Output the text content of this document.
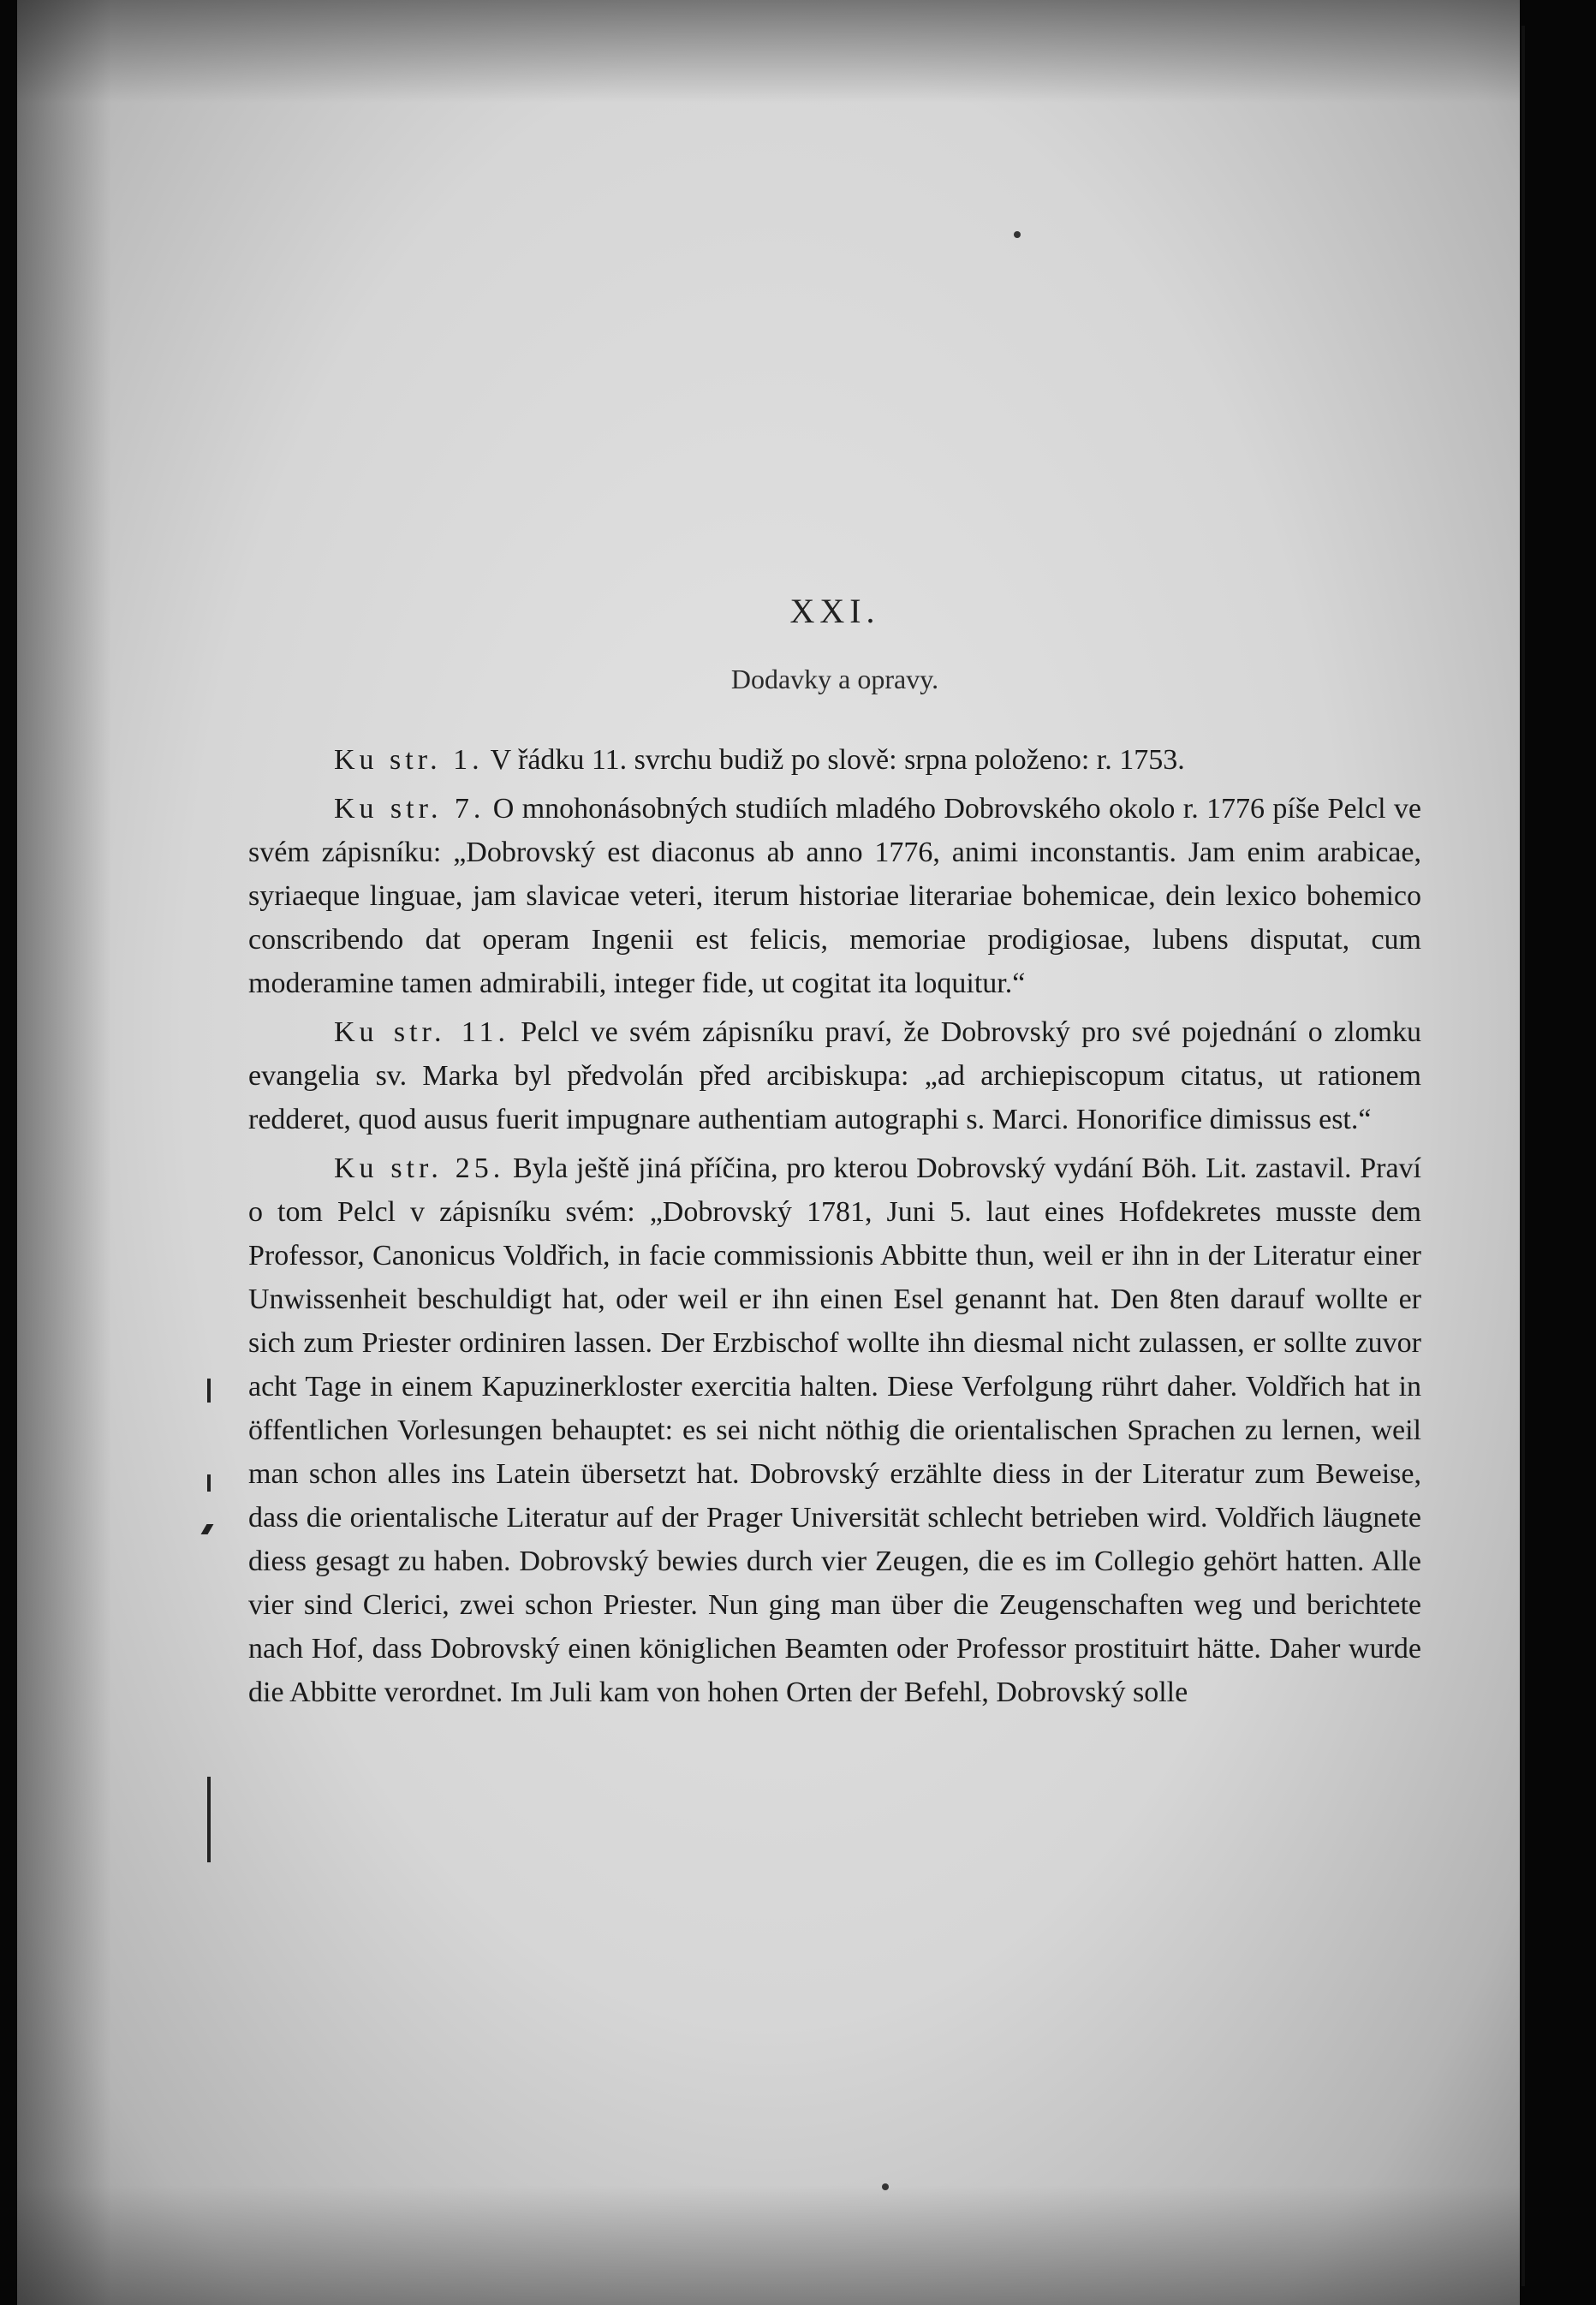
XXI.
Dodavky a opravy.

Ku str. 1. V řádku 11. svrchu budiž po slově: srpna položeno: r. 1753.

Ku str. 7. O mnohonásobných studiích mladého Dobrovského okolo r. 1776 píše Pelcl ve svém zápisníku: „Dobrovský est diaconus ab anno 1776, animi inconstantis. Jam enim arabicae, syriaeque linguae, jam slavicae veteri, iterum historiae literariae bohemicae, dein lexico bohemico conscribendo dat operam Ingenii est felicis, memoriae prodigiosae, lubens disputat, cum moderamine tamen admirabili, integer fide, ut cogitat ita loquitur.“

Ku str. 11. Pelcl ve svém zápisníku praví, že Dobrovský pro své pojednání o zlomku evangelia sv. Marka byl předvolán před arcibiskupa: „ad archiepiscopum citatus, ut rationem redderet, quod ausus fuerit impugnare authentiam autographi s. Marci. Honorifice dimissus est.“

Ku str. 25. Byla ještě jiná příčina, pro kterou Dobrovský vydání Böh. Lit. zastavil. Praví o tom Pelcl v zápisníku svém: „Dobrovský 1781, Juni 5. laut eines Hofdekretes musste dem Professor, Canonicus Voldřich, in facie commissionis Abbitte thun, weil er ihn in der Literatur einer Unwissenheit beschuldigt hat, oder weil er ihn einen Esel genannt hat. Den 8ten darauf wollte er sich zum Priester ordiniren lassen. Der Erzbischof wollte ihn diesmal nicht zulassen, er sollte zuvor acht Tage in einem Kapuzinerkloster exercitia halten. Diese Verfolgung rührt daher. Voldřich hat in öffentlichen Vorlesungen behauptet: es sei nicht nöthig die orientalischen Sprachen zu lernen, weil man schon alles ins Latein übersetzt hat. Dobrovský erzählte diess in der Literatur zum Beweise, dass die orientalische Literatur auf der Prager Universität schlecht betrieben wird. Voldřich läugnete diess gesagt zu haben. Dobrovský bewies durch vier Zeugen, die es im Collegio gehört hatten. Alle vier sind Clerici, zwei schon Priester. Nun ging man über die Zeugenschaften weg und berichtete nach Hof, dass Dobrovský einen königlichen Beamten oder Professor prostituirt hätte. Daher wurde die Abbitte verordnet. Im Juli kam von hohen Orten der Befehl, Dobrovský solle
